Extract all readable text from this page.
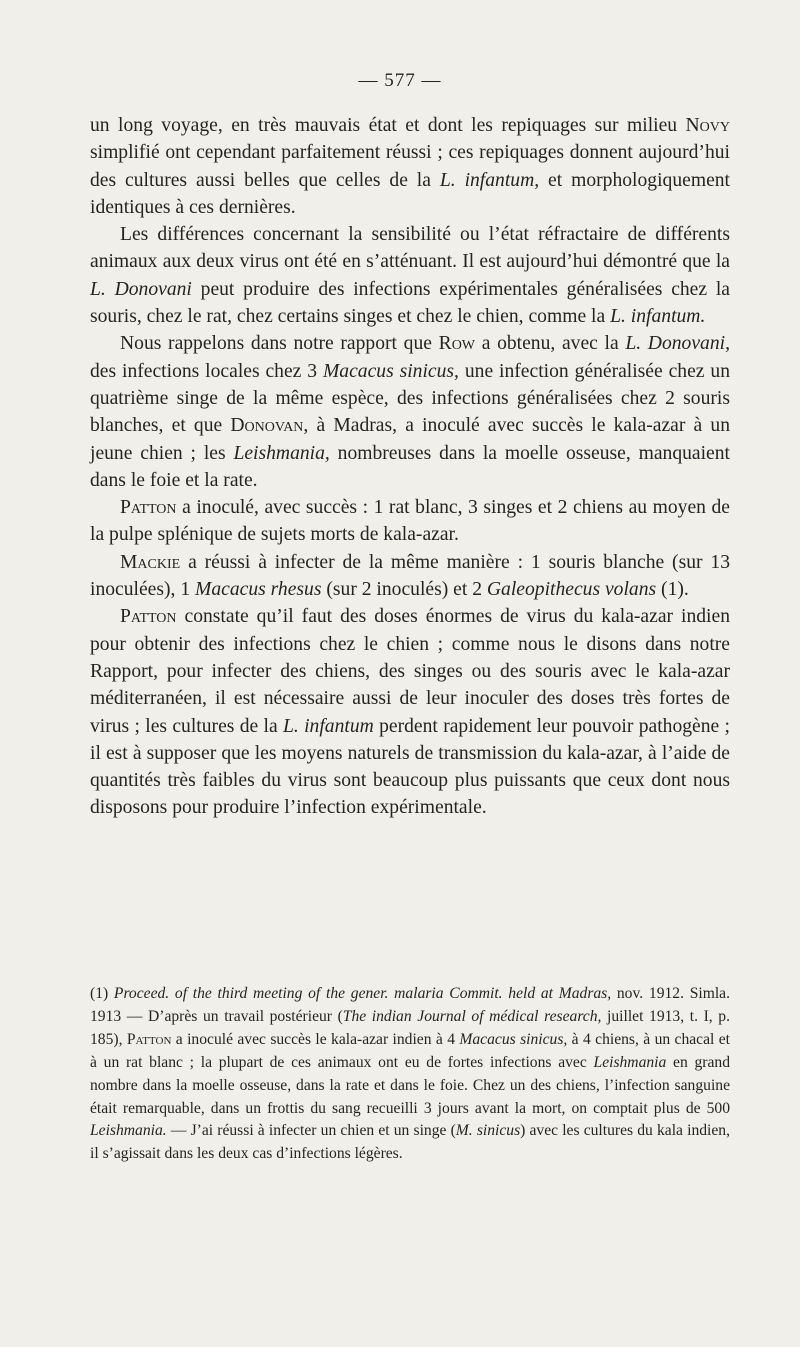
— 577 —

un long voyage, en très mauvais état et dont les repiquages sur milieu Novy simplifié ont cependant parfaitement réussi ; ces repiquages donnent aujourd’hui des cultures aussi belles que celles de la L. infantum, et morphologiquement identiques à ces dernières.

Les différences concernant la sensibilité ou l’état réfractaire de différents animaux aux deux virus ont été en s’atténuant. Il est aujourd’hui démontré que la L. Donovani peut produire des infections expérimentales généralisées chez la souris, chez le rat, chez certains singes et chez le chien, comme la L. infantum.

Nous rappelons dans notre rapport que Row a obtenu, avec la L. Donovani, des infections locales chez 3 Macacus sinicus, une infection généralisée chez un quatrième singe de la même espèce, des infections généralisées chez 2 souris blanches, et que Donovan, à Madras, a inoculé avec succès le kala-azar à un jeune chien ; les Leishmania, nombreuses dans la moelle osseuse, manquaient dans le foie et la rate.

Patton a inoculé, avec succès : 1 rat blanc, 3 singes et 2 chiens au moyen de la pulpe splénique de sujets morts de kala-azar.

Mackie a réussi à infecter de la même manière : 1 souris blanche (sur 13 inoculées), 1 Macacus rhesus (sur 2 inoculés) et 2 Galeopithecus volans (1).

Patton constate qu’il faut des doses énormes de virus du kala-azar indien pour obtenir des infections chez le chien ; comme nous le disons dans notre Rapport, pour infecter des chiens, des singes ou des souris avec le kala-azar méditerranéen, il est nécessaire aussi de leur inoculer des doses très fortes de virus ; les cultures de la L. infantum perdent rapidement leur pouvoir pathogène ; il est à supposer que les moyens naturels de transmission du kala-azar, à l’aide de quantités très faibles du virus sont beaucoup plus puissants que ceux dont nous disposons pour produire l’infection expérimentale.

(1) Proceed. of the third meeting of the gener. malaria Commit. held at Madras, nov. 1912. Simla. 1913 — D’après un travail postérieur (The indian Journal of médical research, juillet 1913, t. I, p. 185), Patton a inoculé avec succès le kala-azar indien à 4 Macacus sinicus, à 4 chiens, à un chacal et à un rat blanc ; la plupart de ces animaux ont eu de fortes infections avec Leishmania en grand nombre dans la moelle osseuse, dans la rate et dans le foie. Chez un des chiens, l’infection sanguine était remarquable, dans un frottis du sang recueilli 3 jours avant la mort, on comptait plus de 500 Leishmania. — J’ai réussi à infecter un chien et un singe (M. sinicus) avec les cultures du kala indien, il s’agissait dans les deux cas d’infections légères.
